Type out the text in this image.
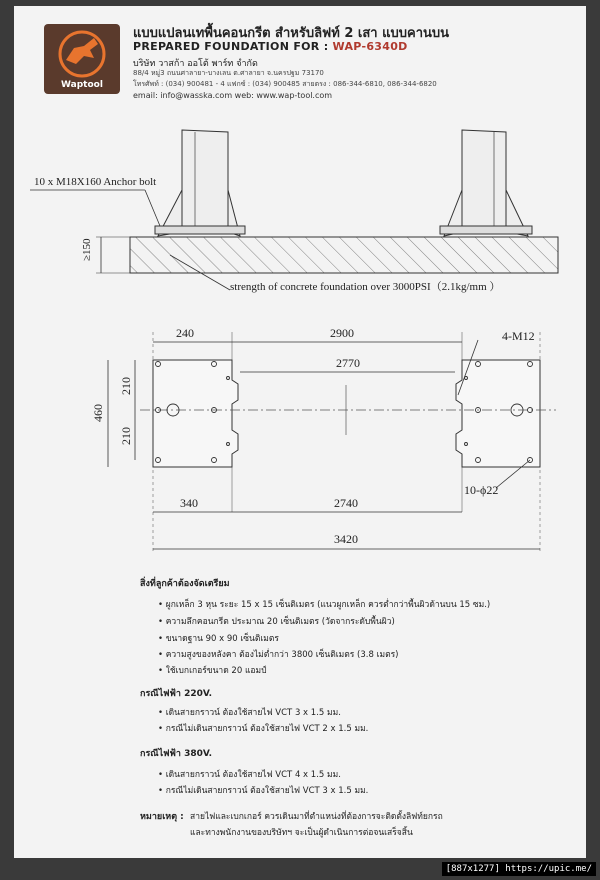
Waptool
แบบแปลนเทพื้นคอนกรีต สำหรับลิฟท์ 2 เสา แบบคานบน
PREPARED FOUNDATION FOR : WAP-6340D
บริษัท วาสก้า ออโต้ พาร์ท จำกัด
88/4 หมู่3 ถนนศาลายา-บางเลน ต.ศาลายา จ.นครปฐม 73170
โทรศัพท์ : (034) 900481 - 4 แฟกซ์ : (034) 900485 สายตรง : 086-344-6810, 086-344-6820
email: info@wasska.com web: www.wap-tool.com
10 x M18X160 Anchor bolt
≥150
strength of concrete foundation over 3000PSI（2.1kg/mm ）
240	2900
2770
4-M12
460
210
210
10-ϕ22
340	2740
3420
สิ่งที่ลูกค้าต้องจัดเตรียม
• ผูกเหล็ก 3 หุน ระยะ 15 x 15 เซ็นติเมตร (แนวผูกเหล็ก ควรต่ำกว่าพื้นผิวด้านบน 15 ซม.)
• ความลึกคอนกรีต ประมาณ 20 เซ็นติเมตร (วัดจากระดับพื้นผิว)
• ขนาดฐาน 90 x 90 เซ็นติเมตร
• ความสูงของหลังคา ต้องไม่ต่ำกว่า 3800 เซ็นติเมตร (3.8 เมตร)
• ใช้เบกเกอร์ขนาด 20 แอมป์
กรณีไฟฟ้า 220V.
• เดินสายกราวน์ ต้องใช้สายไฟ VCT 3 x 1.5 มม.
• กรณีไม่เดินสายกราวน์ ต้องใช้สายไฟ VCT 2 x 1.5 มม.
กรณีไฟฟ้า 380V.
• เดินสายกราวน์ ต้องใช้สายไฟ VCT 4 x 1.5 มม.
• กรณีไม่เดินสายกราวน์ ต้องใช้สายไฟ VCT 3 x 1.5 มม.
หมายเหตุ : สายไฟและเบกเกอร์ ควรเดินมาที่ตำแหน่งที่ต้องการจะติดตั้งลิฟท์ยกรถ
และทางพนักงานของบริษัทฯ จะเป็นผู้ดำเนินการต่อจนเสร็จสิ้น
[887x1277] https://upic.me/
